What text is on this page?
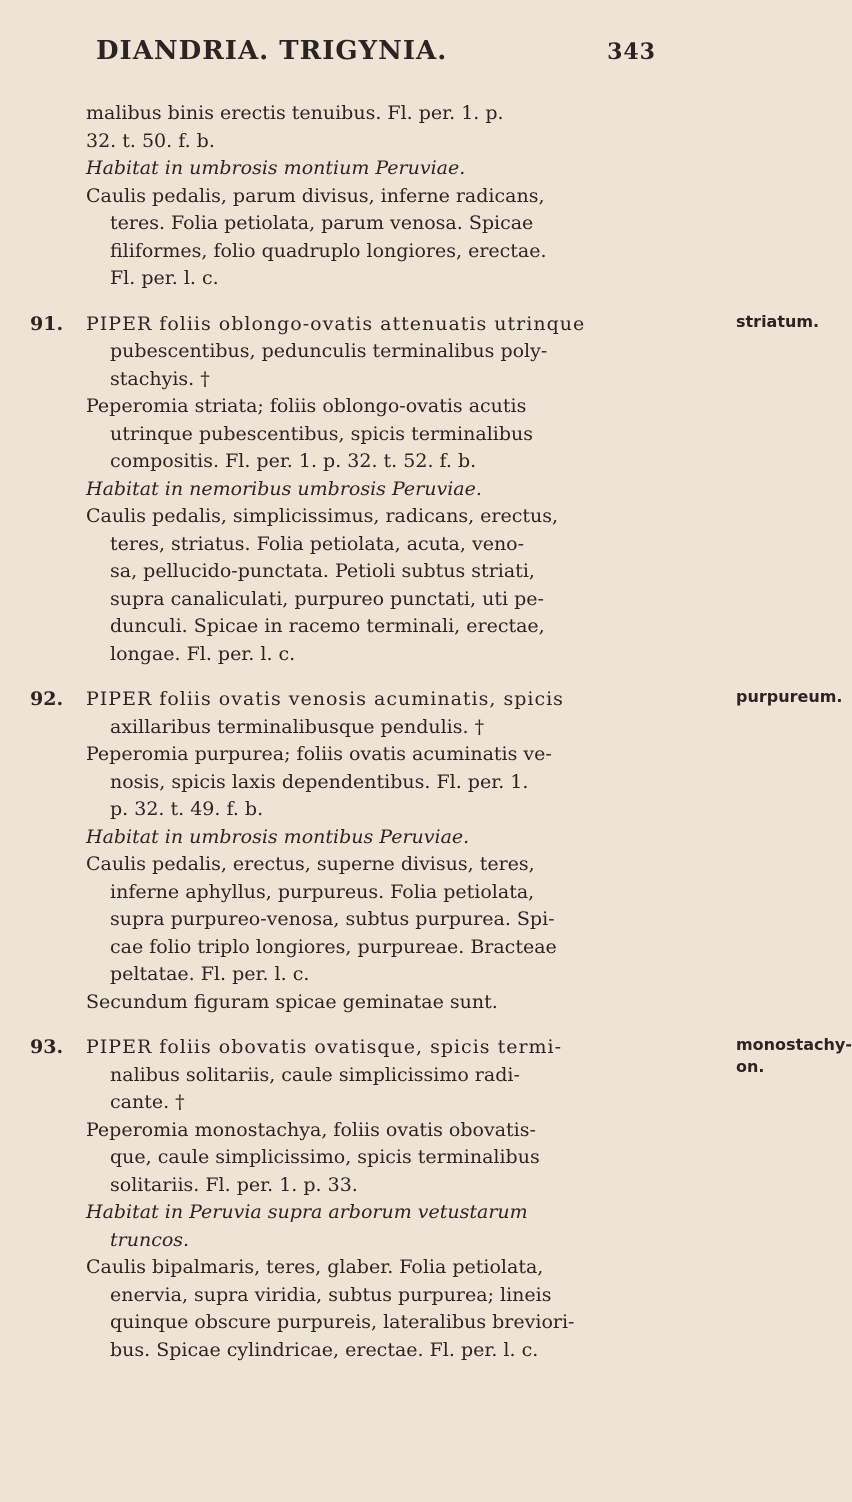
DIANDRIA. TRIGYNIA.	343
malibus binis erectis tenuibus. Fl. per. 1. p.
32. t. 50. f. b.
Habitat in umbrosis montium Peruviae.
Caulis pedalis, parum divisus, inferne radicans,
teres. Folia petiolata, parum venosa. Spicae
filiformes, folio quadruplo longiores, erectae.
Fl. per. l. c.
91.	striatum.
PIPER foliis oblongo-ovatis attenuatis utrinque
pubescentibus, pedunculis terminalibus poly-
stachyis. †
Peperomia striata; foliis oblongo-ovatis acutis
utrinque pubescentibus, spicis terminalibus
compositis. Fl. per. 1. p. 32. t. 52. f. b.
Habitat in nemoribus umbrosis Peruviae.
Caulis pedalis, simplicissimus, radicans, erectus,
teres, striatus. Folia petiolata, acuta, veno-
sa, pellucido-punctata. Petioli subtus striati,
supra canaliculati, purpureo punctati, uti pe-
dunculi. Spicae in racemo terminali, erectae,
longae. Fl. per. l. c.
92.	purpureum.
PIPER foliis ovatis venosis acuminatis, spicis
axillaribus terminalibusque pendulis. †
Peperomia purpurea; foliis ovatis acuminatis ve-
nosis, spicis laxis dependentibus. Fl. per. 1.
p. 32. t. 49. f. b.
Habitat in umbrosis montibus Peruviae.
Caulis pedalis, erectus, superne divisus, teres,
inferne aphyllus, purpureus. Folia petiolata,
supra purpureo-venosa, subtus purpurea. Spi-
cae folio triplo longiores, purpureae. Bracteae
peltatae. Fl. per. l. c.
Secundum figuram spicae geminatae sunt.
93.	monostachy- on.
PIPER foliis obovatis ovatisque, spicis termi-
nalibus solitariis, caule simplicissimo radi-
cante. †
Peperomia monostachya, foliis ovatis obovatis-
que, caule simplicissimo, spicis terminalibus
solitariis. Fl. per. 1. p. 33.
Habitat in Peruvia supra arborum vetustarum
truncos.
Caulis bipalmaris, teres, glaber. Folia petiolata,
enervia, supra viridia, subtus purpurea; lineis
quinque obscure purpureis, lateralibus breviori-
bus. Spicae cylindricae, erectae. Fl. per. l. c.
